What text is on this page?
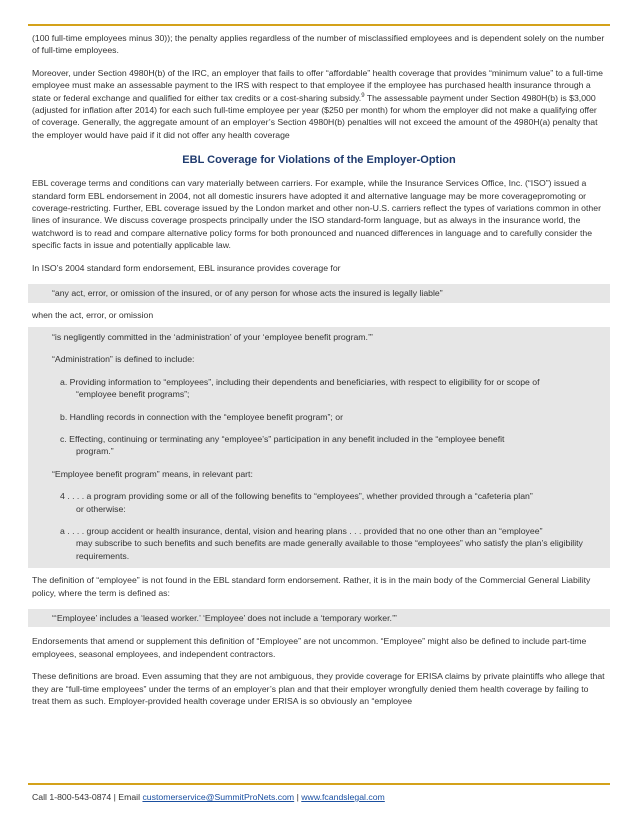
(100 full-time employees minus 30)); the penalty applies regardless of the number of misclassified employees and is dependent solely on the number of full-time employees.

Moreover, under Section 4980H(b) of the IRC, an employer that fails to offer “affordable” health coverage that provides “minimum value” to a full-time employee must make an assessable payment to the IRS with respect to that employee if the employee has purchased health insurance through a state or federal exchange and qualified for either tax credits or a cost-sharing subsidy.$^9$ The assessable payment under Section 4980H(b) is $3,000 (adjusted for inflation after 2014) for each such full-time employee per year ($250 per month) for whom the employer did not make a qualifying offer of coverage. Generally, the aggregate amount of an employer’s Section 4980H(b) penalties will not exceed the amount of the 4980H(a) penalty that the employer would have paid if it did not offer any health coverage

EBL Coverage for Violations of the Employer-Option

EBL coverage terms and conditions can vary materially between carriers. For example, while the Insurance Services Office, Inc. (“ISO”) issued a standard form EBL endorsement in 2004, not all domestic insurers have adopted it and alternative language may be more coveragepromoting or coverage-restricting. Further, EBL coverage issued by the London market and other non-U.S. carriers reflect the types of variations common in other lines of insurance. We discuss coverage prospects principally under the ISO standard-form language, but as always in the insurance world, the watchword is to read and compare alternative policy forms for both pronounced and nuanced differences in language and to carefully consider the specific facts in issue and potentially applicable law.

In ISO’s 2004 standard form endorsement, EBL insurance provides coverage for

“any act, error, or omission of the insured, or of any person for whose acts the insured is legally liable”

when the act, error, or omission

“is negligently committed in the ‘administration’ of your ‘employee benefit program.’”

“Administration” is defined to include:

a. Providing information to “employees”, including their dependents and beneficiaries, with respect to eligibility for or scope of
“employee benefit programs”;

b. Handling records in connection with the “employee benefit program”; or

c. Effecting, continuing or terminating any “employee’s” participation in any benefit included in the “employee benefit
program.”

“Employee benefit program” means, in relevant part:

4 . . . . a program providing some or all of the following benefits to “employees”, whether provided through a “cafeteria plan”
or otherwise:

a . . . . group accident or health insurance, dental, vision and hearing plans . . . provided that no one other than an “employee”
may subscribe to such benefits and such benefits are made generally available to those “employees” who satisfy the plan’s eligibility requirements.

The definition of “employee” is not found in the EBL standard form endorsement. Rather, it is in the main body of the Commercial General Liability policy, where the term is defined as:

“‘Employee’ includes a ‘leased worker.’ ‘Employee’ does not include a ‘temporary worker.’”

Endorsements that amend or supplement this definition of “Employee” are not uncommon. “Employee” might also be defined to include part-time employees, seasonal employees, and independent contractors.

These definitions are broad. Even assuming that they are not ambiguous, they provide coverage for ERISA claims by private plaintiffs who allege that they are “full-time employees” under the terms of an employer’s plan and that their employer wrongfully denied them health coverage by failing to treat them as such. Employer-provided health coverage under ERISA is so obviously an “employee

Call 1-800-543-0874 | Email customerservice@SummitProNets.com | www.fcandslegal.com
